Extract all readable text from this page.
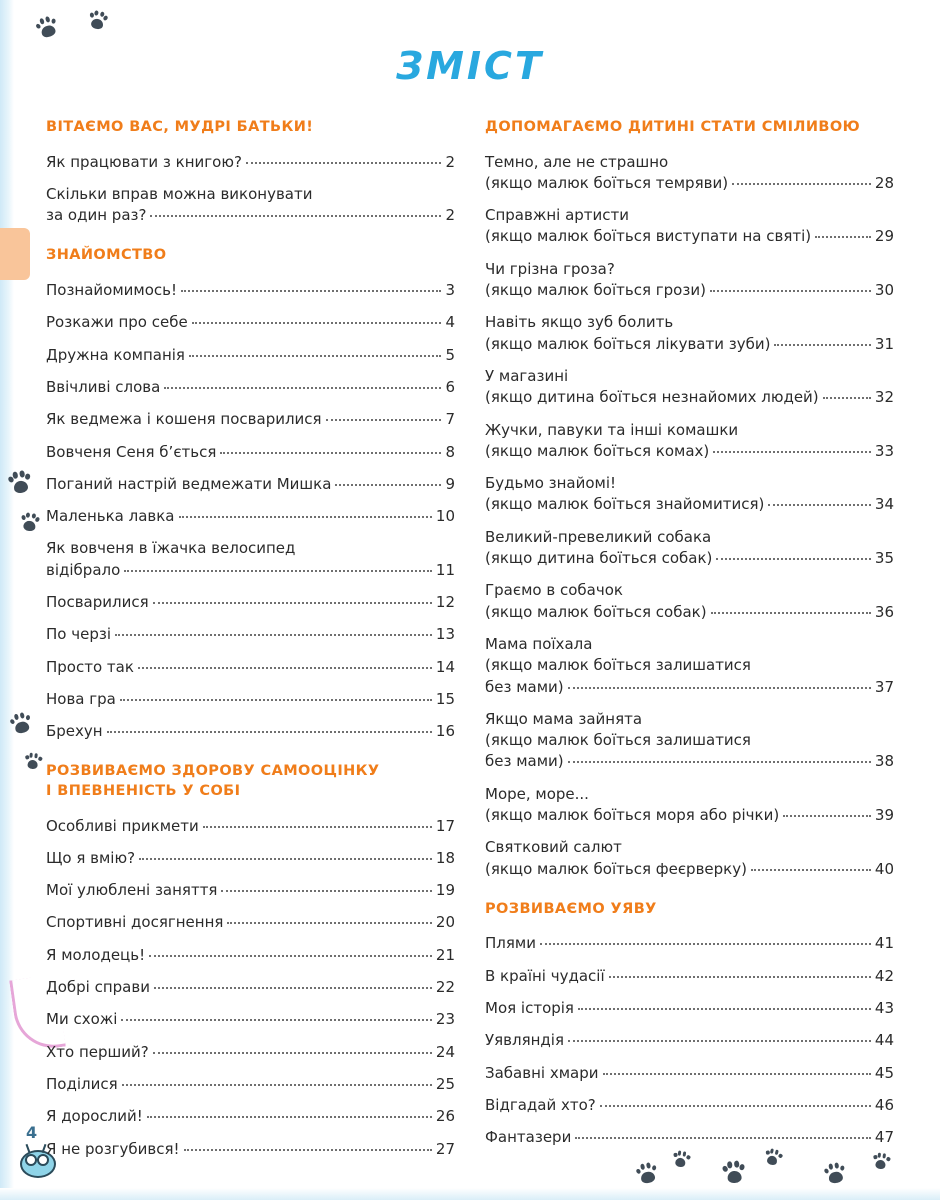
ЗМІСТ
ВІТАЄМО ВАС, МУДРІ БАТЬКИ!
Як працювати з книгою?	2
Скільки вправ можна виконувати
за один раз?	2
ЗНАЙОМСТВО
Познайомимось!	3
Розкажи про себе	4
Дружна компанія	5
Ввічливі слова	6
Як ведмежа і кошеня посварилися	7
Вовченя Сеня б’ється	8
Поганий настрій ведмежати Мишка	9
Маленька лавка	10
Як вовченя в їжачка велосипед
відібрало	11
Посварилися	12
По черзі	13
Просто так	14
Нова гра	15
Брехун	16
РОЗВИВАЄМО ЗДОРОВУ САМООЦІНКУ
І ВПЕВНЕНІСТЬ У СОБІ
Особливі прикмети	17
Що я вмію?	18
Мої улюблені заняття	19
Спортивні досягнення	20
Я молодець!	21
Добрі справи	22
Ми схожі	23
Хто перший?	24
Поділися	25
Я дорослий!	26
Я не розгубився!	27
ДОПОМАГАЄМО ДИТИНІ СТАТИ СМІЛИВОЮ
Темно, але не страшно
(якщо малюк боїться темряви)	28
Справжні артисти
(якщо малюк боїться виступати на святі)	29
Чи грізна гроза?
(якщо малюк боїться грози)	30
Навіть якщо зуб болить
(якщо малюк боїться лікувати зуби)	31
У магазині
(якщо дитина боїться незнайомих людей)	32
Жучки, павуки та інші комашки
(якщо малюк боїться комах)	33
Будьмо знайомі!
(якщо малюк боїться знайомитися)	34
Великий-превеликий собака
(якщо дитина боїться собак)	35
Граємо в собачок
(якщо малюк боїться собак)	36
Мама поїхала
(якщо малюк боїться залишатися
без мами)	37
Якщо мама зайнята
(якщо малюк боїться залишатися
без мами)	38
Море, море...
(якщо малюк боїться моря або річки)	39
Святковий салют
(якщо малюк боїться феєрверку)	40
РОЗВИВАЄМО УЯВУ
Плями	41
В країні чудасії	42
Моя історія	43
Уявляндія	44
Забавні хмари	45
Відгадай хто?	46
Фантазери	47
4
